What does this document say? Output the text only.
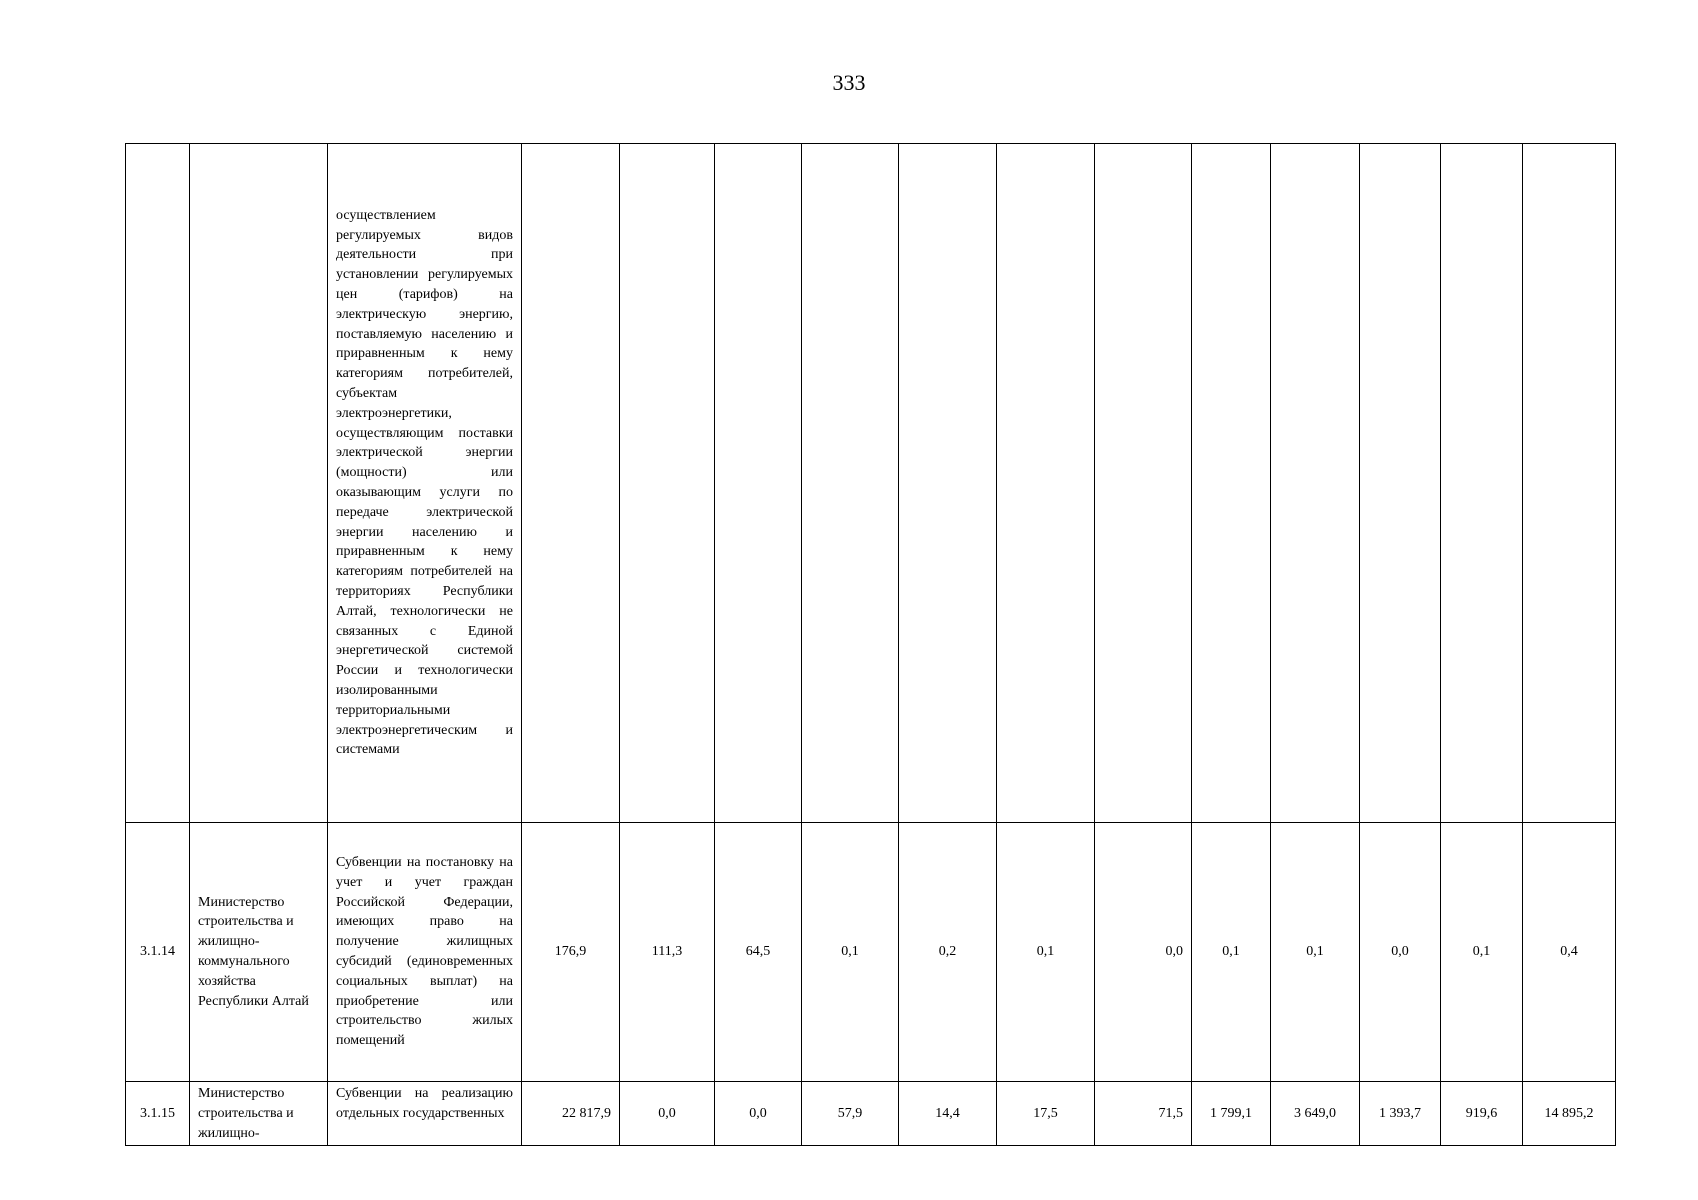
333
		осуществлением регулируемых видов деятельности при установлении регулируемых цен (тарифов) на электрическую энергию, поставляемую населению и приравненным к нему категориям потребителей, субъектам электроэнергетики, осуществляющим поставки электрической энергии (мощности) или оказывающим услуги по передаче электрической энергии населению и приравненным к нему категориям потребителей на территориях Республики Алтай, технологически не связанных с Единой энергетической системой России и технологически изолированными территориальными электроэнергетическим и системами												
3.1.14	Министерство строительства и жилищно-коммунального хозяйства Республики Алтай	Субвенции на постановку на учет и учет граждан Российской Федерации, имеющих право на получение жилищных субсидий (единовременных социальных выплат) на приобретение или строительство жилых помещений	176,9	111,3	64,5	0,1	0,2	0,1	0,0	0,1	0,1	0,0	0,1	0,4
3.1.15	Министерство строительства и жилищно-	Субвенции на реализацию отдельных государственных	22 817,9	0,0	0,0	57,9	14,4	17,5	71,5	1 799,1	3 649,0	1 393,7	919,6	14 895,2
